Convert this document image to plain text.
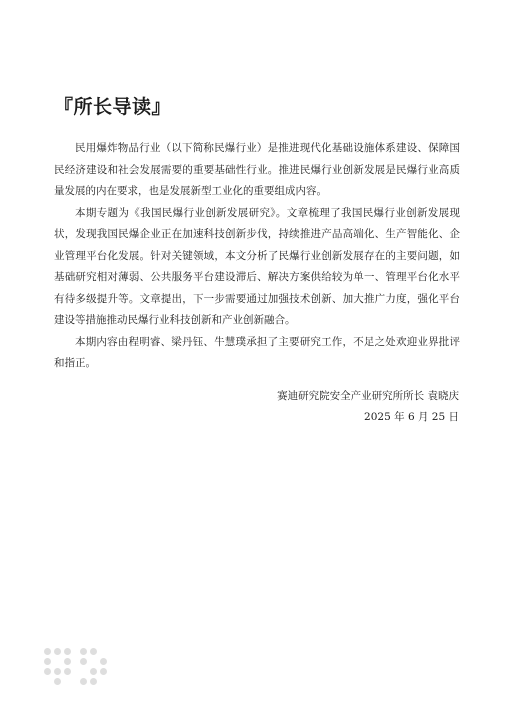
『所长导读』

民用爆炸物品行业（以下简称民爆行业）是推进现代化基础设施体系建设、保障国民经济建设和社会发展需要的重要基础性行业。推进民爆行业创新发展是民爆行业高质量发展的内在要求，也是发展新型工业化的重要组成内容。

本期专题为《我国民爆行业创新发展研究》。文章梳理了我国民爆行业创新发展现状，发现我国民爆企业正在加速科技创新步伐，持续推进产品高端化、生产智能化、企业管理平台化发展。针对关键领域，本文分析了民爆行业创新发展存在的主要问题，如基础研究相对薄弱、公共服务平台建设滞后、解决方案供给较为单一、管理平台化水平有待多级提升等。文章提出，下一步需要通过加强技术创新、加大推广力度，强化平台建设等措施推动民爆行业科技创新和产业创新融合。

本期内容由程明睿、梁丹钰、牛慧璞承担了主要研究工作，不足之处欢迎业界批评和指正。

赛迪研究院安全产业研究所所长 袁晓庆
2025 年 6 月 25 日
